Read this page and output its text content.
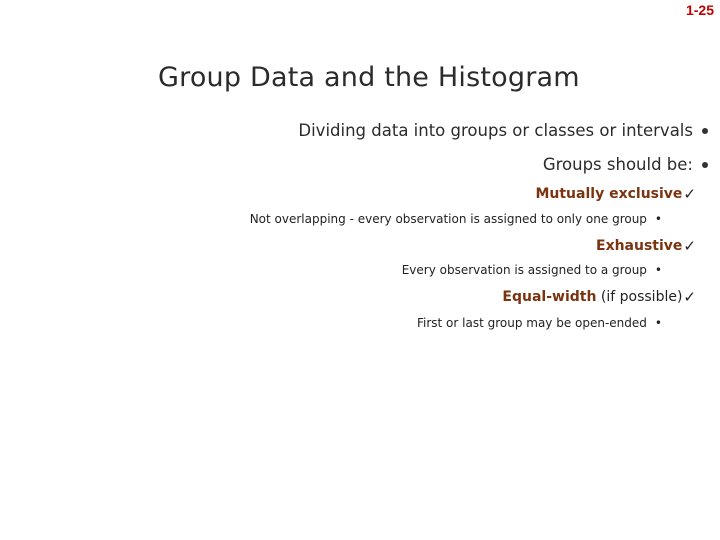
1-25
Group Data and the Histogram
Dividing data into groups or classes or intervals
Groups should be:
Mutually exclusive ✓
Not overlapping - every observation is assigned to only one group •
Exhaustive ✓
Every observation is assigned to a group •
Equal-width (if possible) ✓
First or last group may be open-ended •
